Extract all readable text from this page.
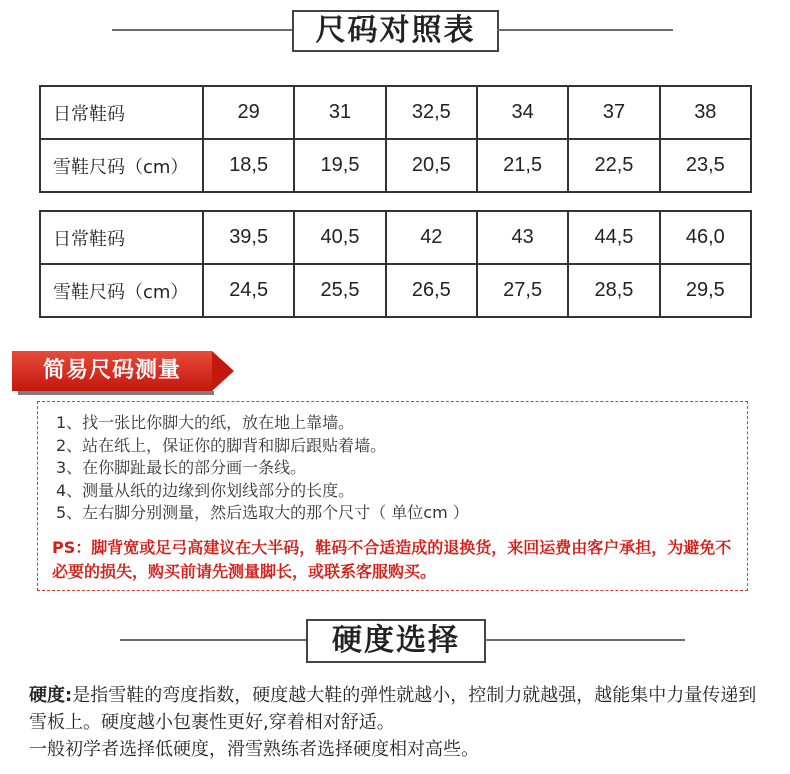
尺码对照表
日常鞋码	29	31	32,5	34	37	38
雪鞋尺码（cm）	18,5	19,5	20,5	21,5	22,5	23,5
日常鞋码	39,5	40,5	42	43	44,5	46,0
雪鞋尺码（cm）	24,5	25,5	26,5	27,5	28,5	29,5
简易尺码测量
1、找一张比你脚大的纸，放在地上靠墙。
2、站在纸上，保证你的脚背和脚后跟贴着墙。
3、在你脚趾最长的部分画一条线。
4、测量从纸的边缘到你划线部分的长度。
5、左右脚分别测量，然后选取大的那个尺寸（ 单位cm ）
PS：脚背宽或足弓高建议在大半码，鞋码不合适造成的退换货，来回运费由客户承担，为避免不必要的损失，购买前请先测量脚长，或联系客服购买。
硬度选择
硬度:是指雪鞋的弯度指数，硬度越大鞋的弹性就越小，控制力就越强，越能集中力量传递到雪板上。硬度越小包裹性更好,穿着相对舒适。
一般初学者选择低硬度，滑雪熟练者选择硬度相对高些。
